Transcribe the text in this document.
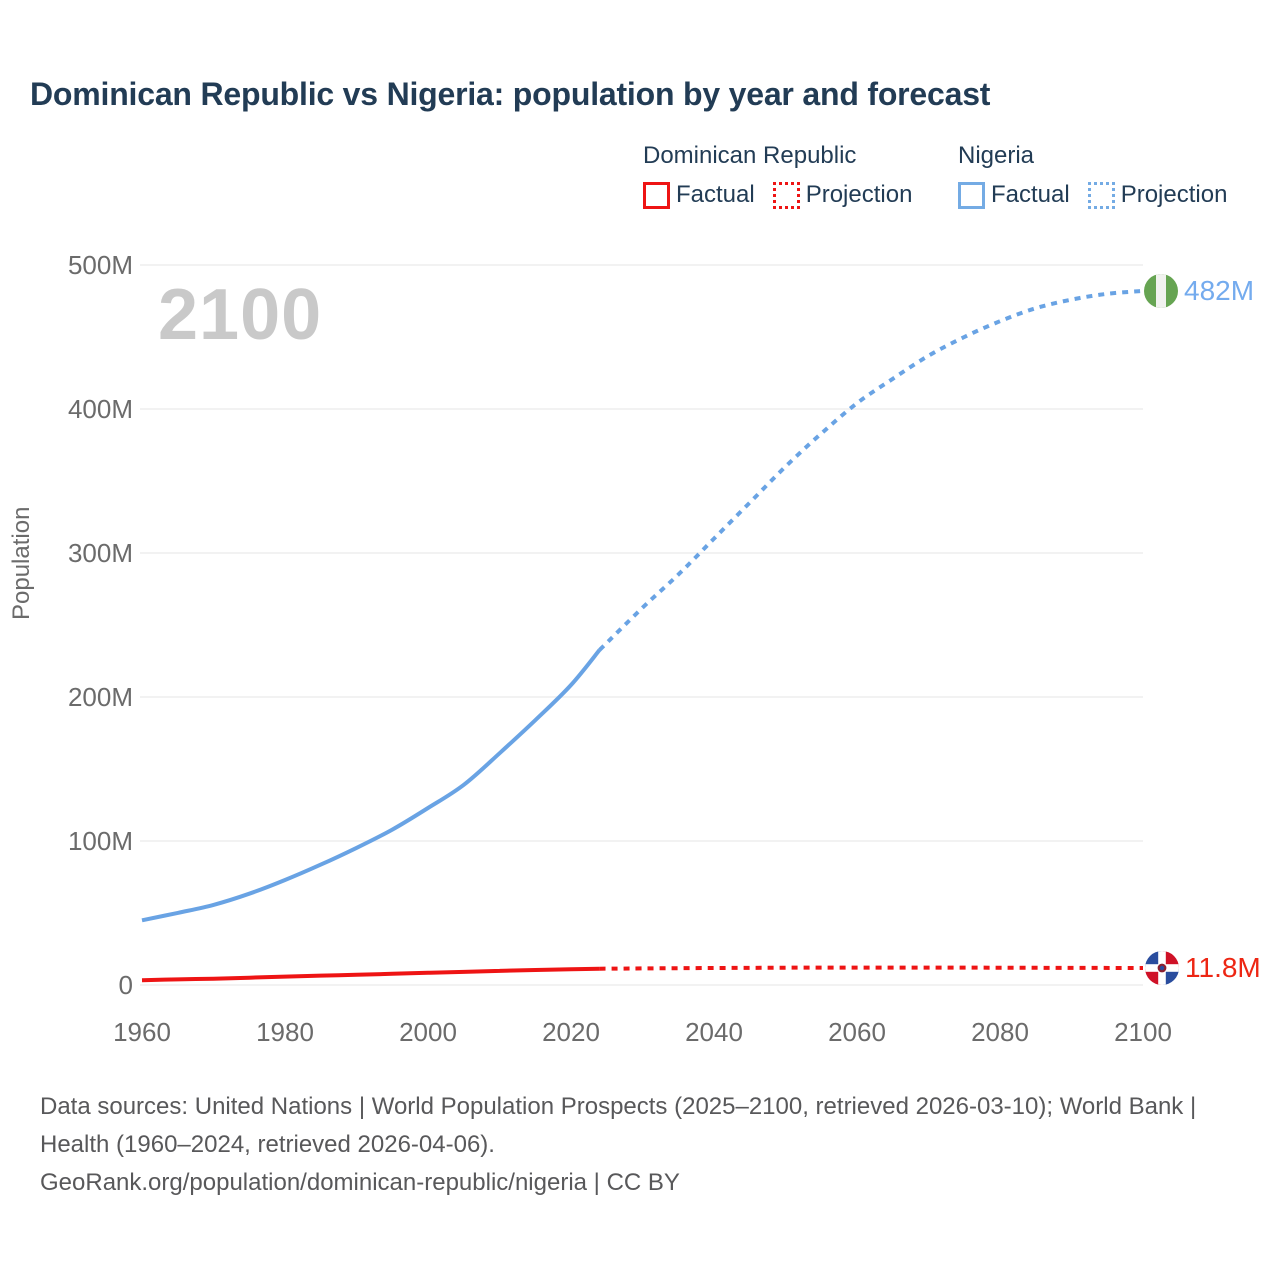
Dominican Republic vs Nigeria: population by year and forecast
Dominican Republic
Factual Projection
Nigeria
Factual Projection
2100
Population
0
100M
200M
300M
400M
500M
1960	1980	2000	2020	2040	2060	2080	2100
482M
11.8M
Data sources: United Nations | World Population Prospects (2025–2100, retrieved 2026-03-10); World Bank | Health (1960–2024, retrieved 2026-04-06).
GeoRank.org/population/dominican-republic/nigeria | CC BY
